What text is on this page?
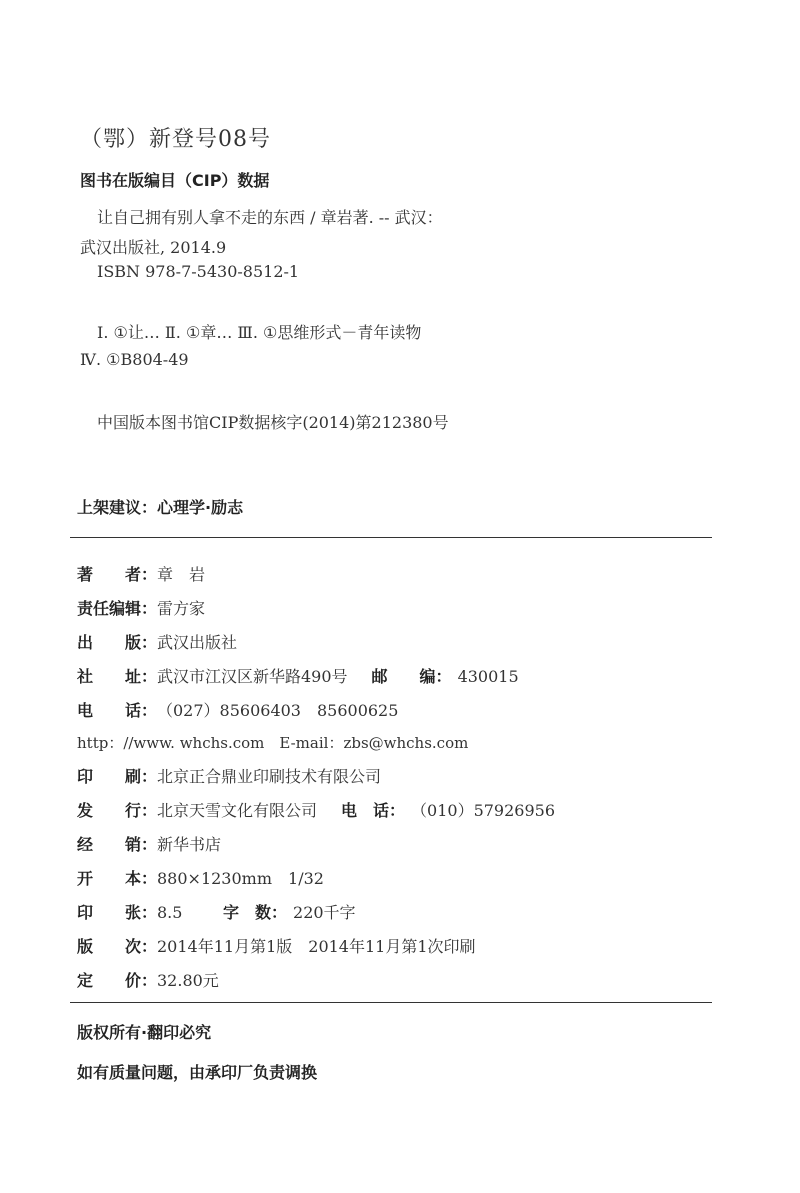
（鄂）新登号08号
图书在版编目（CIP）数据
让自己拥有别人拿不走的东西 / 章岩著. -- 武汉：
武汉出版社, 2014.9
ISBN 978-7-5430-8512-1
Ⅰ. ①让… Ⅱ. ①章… Ⅲ. ①思维形式－青年读物
Ⅳ. ①B804-49
中国版本图书馆CIP数据核字(2014)第212380号
上架建议：心理学·励志
著　　者： 章　岩
责任编辑： 雷方家
出　　版： 武汉出版社
社　　址： 武汉市江汉区新华路490号 邮　　编： 430015
电　　话： （027）85606403　85600625
http：//www. whchs.com　E-mail：zbs@whchs.com
印　　刷： 北京正合鼎业印刷技术有限公司
发　　行： 北京天雪文化有限公司 电　话： （010）57926956
经　　销： 新华书店
开　　本： 880×1230mm　1/32
印　　张： 8.5	字　数： 220千字
版　　次： 2014年11月第1版　2014年11月第1次印刷
定　　价： 32.80元
版权所有·翻印必究
如有质量问题，由承印厂负责调换
